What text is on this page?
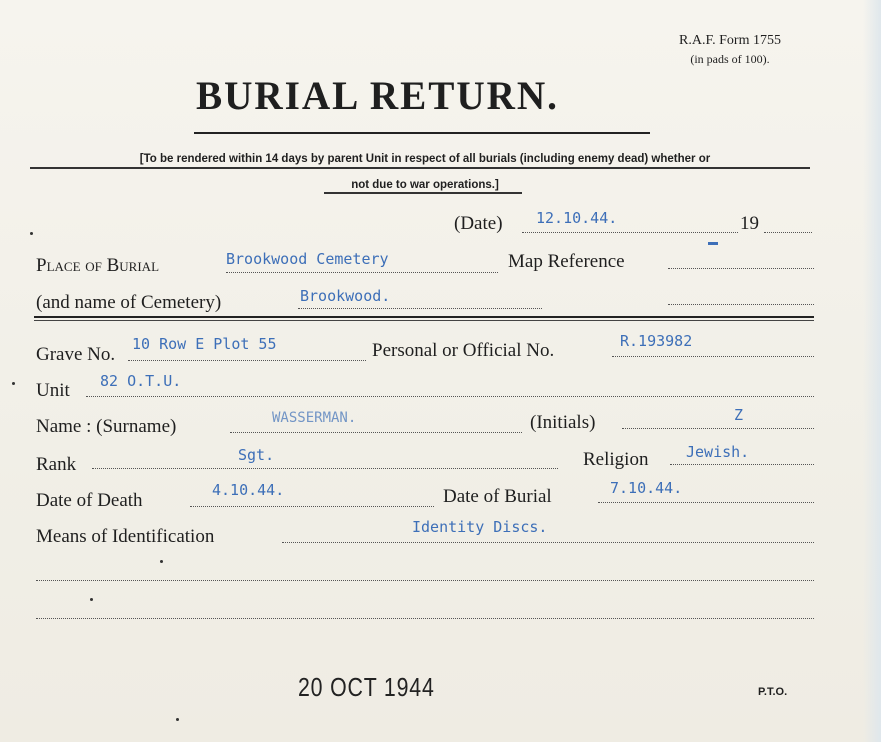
R.A.F. Form 1755
(in pads of 100).
BURIAL RETURN.
[To be rendered within 14 days by parent Unit in respect of all burials (including enemy dead) whether or
not due to war operations.]
(Date) 12.10.44.	19
Place of Burial	Brookwood Cemetery	Map Reference
(and name of Cemetery)	Brookwood.
Grave No. 10 Row E Plot 55	Personal or Official No.	R.193982
Unit 82 O.T.U.
Name : (Surname)	WASSERMAN.	(Initials)	Z
Rank	Sgt.	Religion	Jewish.
Date of Death	4.10.44.	Date of Burial	7.10.44.
Means of Identification	Identity Discs.
20 OCT 1944	P.T.O.
